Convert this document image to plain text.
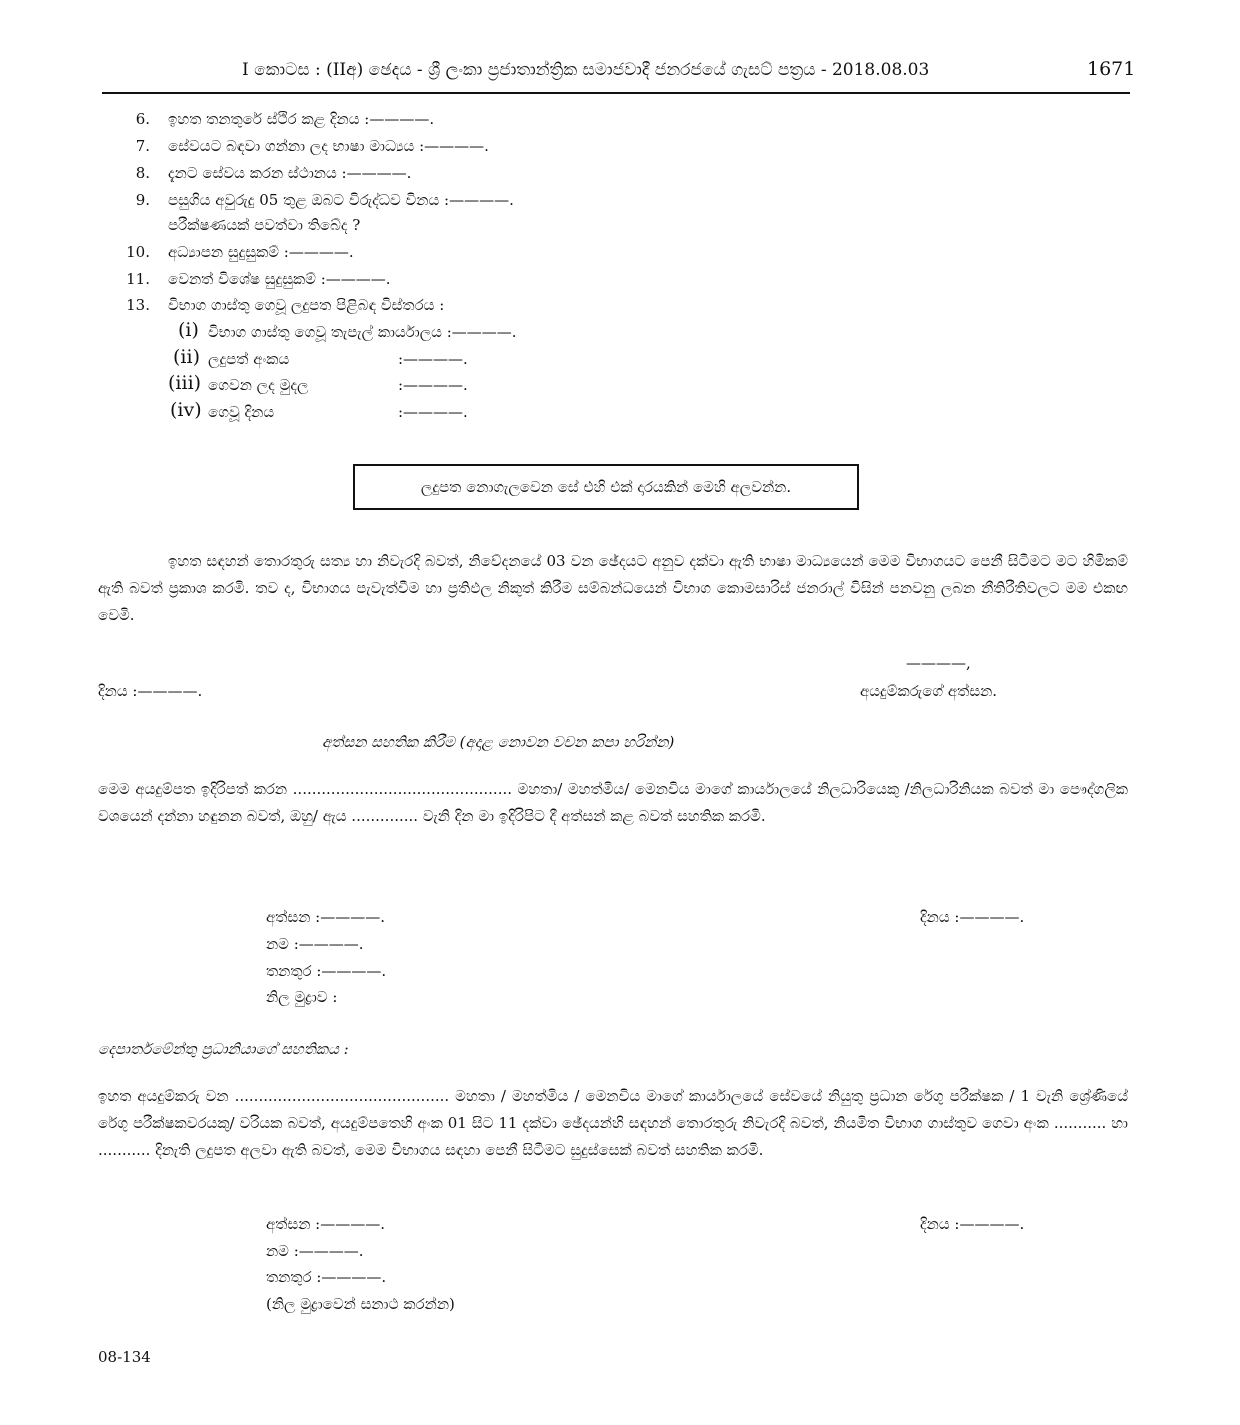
I කොටස : (IIඅ) ඡෙදය - ශ්‍රී ලංකා ප්‍රජාතාන්ත්‍රික සමාජවාදී ජනරජයේ ගැසට් පත්‍රය - 2018.08.03	1671
6. ඉහත තනතුරේ ස්ථිර කළ දිනය :————.
7. සේවයට බඳවා ගන්නා ලද භාෂා මාධ්‍යය :————.
8. දැනට සේවය කරන ස්ථානය :————.
9. පසුගිය අවුරුදු 05 තුළ ඔබට විරුද්ධව විනය :————.
පරීක්ෂණයක් පවත්වා තිබේද ?
10. අධ්‍යාපන සුදුසුකම් :————.
11. වෙනත් විශේෂ සුදුසුකම් :————.
13. විභාග ගාස්තු ගෙවූ ලදුපත පිළිබඳ විස්තරය :
(i) විභාග ගාස්තු ගෙවූ තැපැල් කාර්යාලය :————.
(ii) ලදුපත් අංකය	:————.
(iii) ගෙවන ලද මුදල	:————.
(iv) ගෙවූ දිනය	:————.
ලදුපත නොගැලවෙන සේ එහි එක් දාරයකින් මෙහි අලවන්න.
ඉහත සඳහන් තොරතුරු සත්‍ය හා නිවැරදි බවත්, නිවේදනයේ 03 වන ඡේදයට අනුව දක්වා ඇති භාෂා මාධ්‍යයෙන් මෙම විභාගයට පෙනී සිටීමට මට හිමිකම් ඇති බවත් ප්‍රකාශ කරමි. තව ද, විභාගය පැවැත්වීම හා ප්‍රතිඵල නිකුත් කිරීම සම්බන්ධයෙන් විභාග කොමසාරිස් ජනරාල් විසින් පනවනු ලබන නීතිරීතිවලට මම එකඟ වෙමි.
————,
දිනය :————.	අයදුම්කරුගේ අත්සන.
අත්සන සහතික කිරීම (අදාළ නොවන වචන කපා හරින්න)
මෙම අයදුම්පත ඉදිරිපත් කරන .............................................. මහතා/ මහත්මිය/ මෙනවිය මාගේ කාර්යාලයේ නිලධාරියෙකු /නිලධාරිනියක බවත් මා පෞද්ගලික වශයෙන් දන්නා හඳුනන බවත්, ඔහු/ ඇය .............. වැනි දින මා ඉදිරිපිට දී අත්සන් කළ බවත් සහතික කරමි.
අත්සන :————.	දිනය :————.
නම :————.
තනතුර :————.
නිල මුද්‍රාව :
දෙපාර්තමේන්තු ප්‍රධානියාගේ සහතිකය :
ඉහත අයදුම්කරු වන ............................................. මහතා / මහත්මිය / මෙනවිය මාගේ කාර්යාලයේ සේවයේ නියුතු ප්‍රධාන රේගු පරීක්ෂක / 1 වැනි ශ්‍රේණියේ රේගු පරීක්ෂකවරයකු/ වරියක බවත්, අයදුම්පතෙහි අංක 01 සිට 11 දක්වා ඡේදයන්හි සඳහන් තොරතුරු නිවැරදි බවත්, නියමිත විභාග ගාස්තුව ගෙවා අංක ........... හා ........... දිනැති ලදුපත අලවා ඇති බවත්, මෙම විභාගය සඳහා පෙනී සිටීමට සුදුස්සෙක් බවත් සහතික කරමි.
අත්සන :————.	දිනය :————.
නම :————.
තනතුර :————.
(නිල මුද්‍රාවෙන් සනාථ කරන්න)
08-134
